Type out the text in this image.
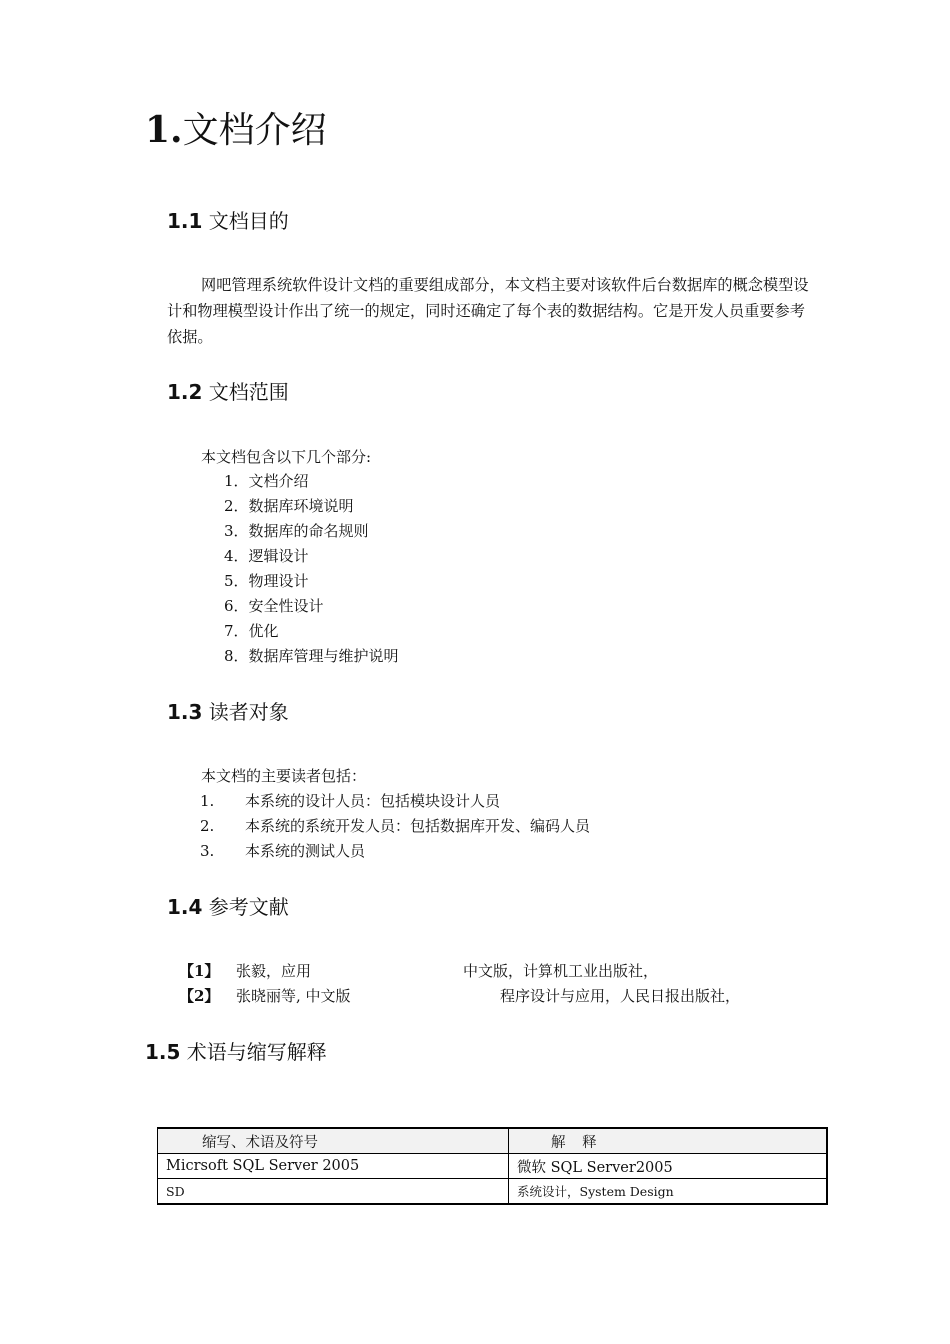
1.文档介绍
1.1 文档目的
网吧管理系统软件设计文档的重要组成部分，本文档主要对该软件后台数据库的概念模型设计和物理模型设计作出了统一的规定，同时还确定了每个表的数据结构。它是开发人员重要参考依据。
1.2 文档范围
本文档包含以下几个部分:
1．文档介绍
2．数据库环境说明
3．数据库的命名规则
4．逻辑设计
5．物理设计
6．安全性设计
7．优化
8．数据库管理与维护说明
1.3 读者对象
本文档的主要读者包括：
1. 本系统的设计人员：包括模块设计人员
2. 本系统的系统开发人员：包括数据库开发、编码人员
3. 本系统的测试人员
1.4 参考文献
【1】 张毅，应用	中文版，计算机工业出版社，
【2】 张晓丽等, 中文版	程序设计与应用，人民日报出版社，
1.5 术语与缩写解释
缩写、术语及符号	解 释
Micrsoft SQL Server 2005	微软 SQL Server2005
SD	系统设计，System Design
